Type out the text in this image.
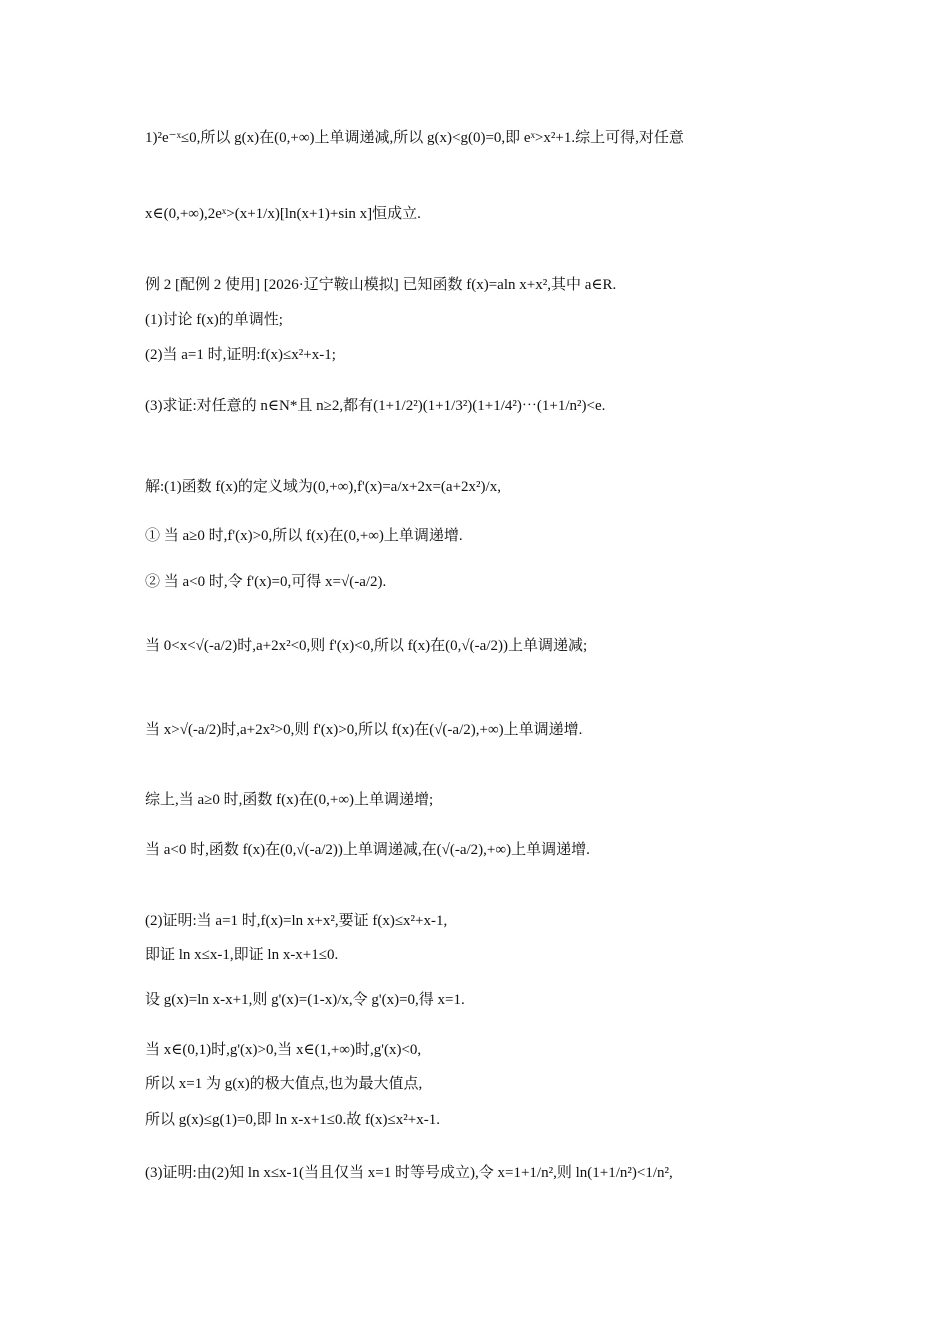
1)²e⁻ˣ≤0,所以 g(x)在(0,+∞)上单调递减,所以 g(x)<g(0)=0,即 eˣ>x²+1.综上可得,对任意
x∈(0,+∞),2eˣ>(x+1/x)[ln(x+1)+sin x]恒成立.
例 2 [配例 2 使用] [2026·辽宁鞍山模拟] 已知函数 f(x)=aln x+x²,其中 a∈R.
(1)讨论 f(x)的单调性;
(2)当 a=1 时,证明:f(x)≤x²+x-1;
(3)求证:对任意的 n∈N*且 n≥2,都有(1+1/2²)(1+1/3²)(1+1/4²)⋯(1+1/n²)<e.
解:(1)函数 f(x)的定义域为(0,+∞),f'(x)=a/x+2x=(a+2x²)/x,
① 当 a≥0 时,f'(x)>0,所以 f(x)在(0,+∞)上单调递增.
② 当 a<0 时,令 f'(x)=0,可得 x=√(-a/2).
当 0<x<√(-a/2)时,a+2x²<0,则 f'(x)<0,所以 f(x)在(0,√(-a/2))上单调递减;
当 x>√(-a/2)时,a+2x²>0,则 f'(x)>0,所以 f(x)在(√(-a/2),+∞)上单调递增.
综上,当 a≥0 时,函数 f(x)在(0,+∞)上单调递增;
当 a<0 时,函数 f(x)在(0,√(-a/2))上单调递减,在(√(-a/2),+∞)上单调递增.
(2)证明:当 a=1 时,f(x)=ln x+x²,要证 f(x)≤x²+x-1,
即证 ln x≤x-1,即证 ln x-x+1≤0.
设 g(x)=ln x-x+1,则 g'(x)=(1-x)/x,令 g'(x)=0,得 x=1.
当 x∈(0,1)时,g'(x)>0,当 x∈(1,+∞)时,g'(x)<0,
所以 x=1 为 g(x)的极大值点,也为最大值点,
所以 g(x)≤g(1)=0,即 ln x-x+1≤0.故 f(x)≤x²+x-1.
(3)证明:由(2)知 ln x≤x-1(当且仅当 x=1 时等号成立),令 x=1+1/n²,则 ln(1+1/n²)<1/n²,
